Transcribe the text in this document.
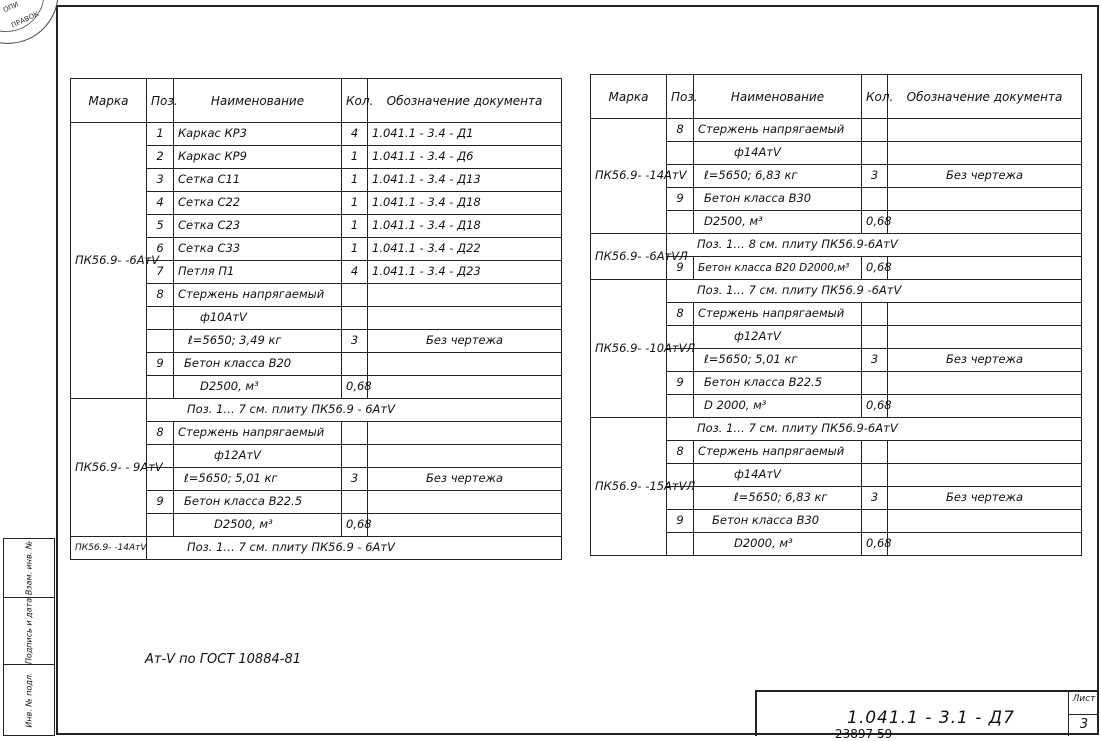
ОПИ
ПРАВОК
Марка	Поз.	Наименование	Кол.	Обозначение документа
ПК56.9- -6АтⅤ	1	Каркас КР3	4	1.041.1 - 3.4 - Д1
	2	Каркас КР9	1	1.041.1 - 3.4 - Д6
	3	Сетка С11	1	1.041.1 - 3.4 - Д13
	4	Сетка С22	1	1.041.1 - 3.4 - Д18
	5	Сетка С23	1	1.041.1 - 3.4 - Д18
	6	Сетка С33	1	1.041.1 - 3.4 - Д22
	7	Петля П1	4	1.041.1 - 3.4 - Д23
	8	Стержень напрягаемый		
		ф10АтⅤ		
		ℓ=5650; 3,49 кг	3	Без чертежа
	9	Бетон класса В20		
		D2500, м³	0,68	
ПК56.9- - 9АтⅤ	Поз. 1… 7 см. плиту ПК56.9 - 6АтⅤ			
	8	Стержень напрягаемый		
		ф12АтⅤ		
		ℓ=5650; 5,01 кг	3	Без чертежа
	9	Бетон класса В22.5		
		D2500, м³	0,68	
ПК56.9- -14АтⅤ	Поз. 1… 7 см. плиту ПК56.9 - 6АтⅤ			
Марка	Поз.	Наименование	Кол.	Обозначение документа
ПК56.9- -14АтⅤ	8	Стержень напрягаемый		
		ф14АтⅤ		
		ℓ=5650; 6,83 кг	3	Без чертежа
	9	Бетон класса В30		
		D2500, м³	0,68	
ПК56.9- -6АтⅤЛ	Поз. 1… 8 см. плиту ПК56.9-6АтⅤ			
	9	Бетон класса В20 D2000,м³	0,68	
ПК56.9- -10АтⅤЛ	Поз. 1… 7 см. плиту ПК56.9 -6АтⅤ			
	8	Стержень напрягаемый		
		ф12АтⅤ		
		ℓ=5650; 5,01 кг	3	Без чертежа
	9	Бетон класса В22.5		
		D 2000, м³	0,68	
ПК56.9- -15АтⅤЛ	Поз. 1… 7 см. плиту ПК56.9-6АтⅤ			
	8	Стержень напрягаемый		
		ф14АтⅤ		
		ℓ=5650; 6,83 кг	3	Без чертежа
	9	Бетон класса В30		
		D2000, м³	0,68	
Ат-Ⅴ по ГОСТ 10884-81
Взам. инв. №
Подпись и дата
Инв. № подл.	1.041.1 - 3.1 - Д7
Лист
3
23897 59
